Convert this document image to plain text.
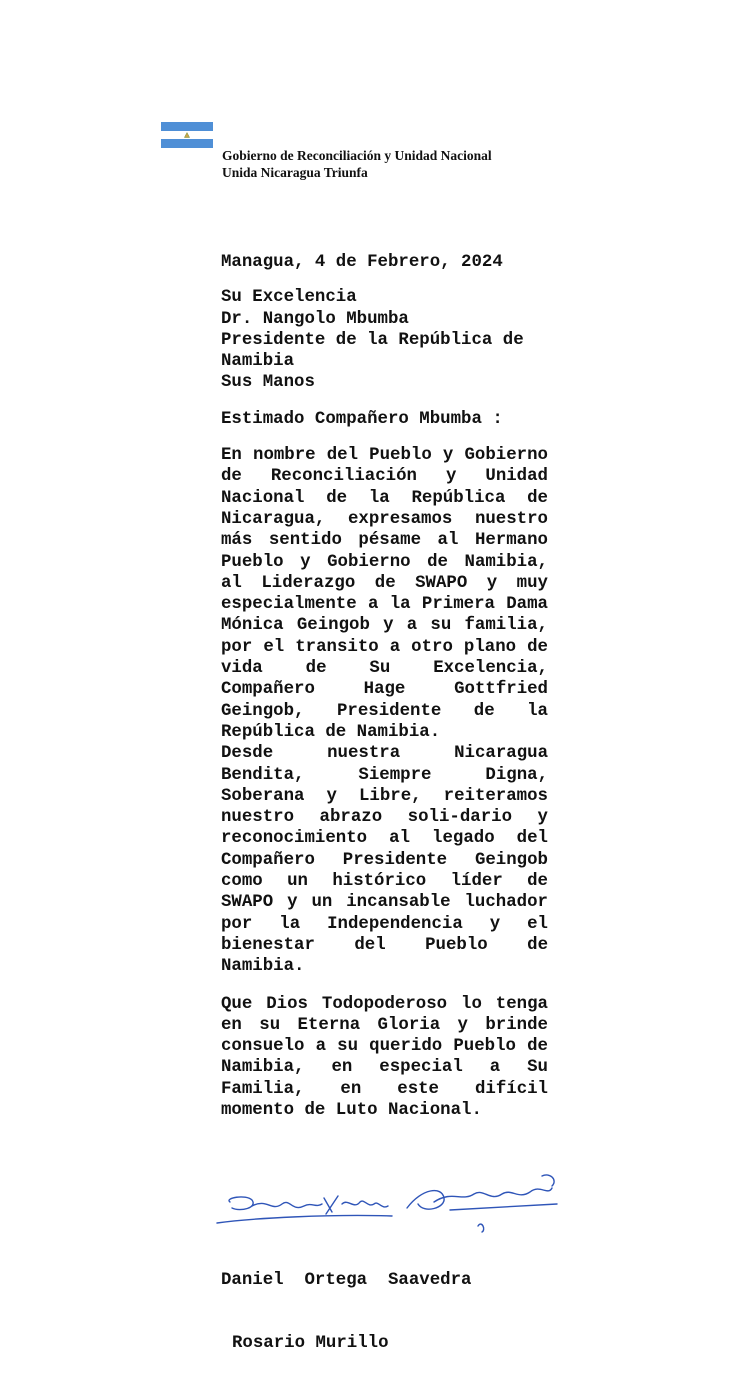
Gobierno de Reconciliación y Unidad Nacional
Unida Nicaragua Triunfa

Managua, 4 de Febrero, 2024

Su Excelencia

Dr. Nangolo Mbumba

Presidente de la República de Namibia

Sus Manos

Estimado Compañero Mbumba :

En nombre del Pueblo y Gobierno de Reconciliación y Unidad Nacional de la República de Nicaragua, expresamos nuestro más sentido pésame al Hermano Pueblo y Gobierno de Namibia, al Liderazgo de SWAPO y muy especialmente a la Primera Dama Mónica Geingob y a su familia, por el transito a otro plano de vida de Su Excelencia, Compañero Hage Gottfried Geingob, Presidente de la República de Namibia.

Desde nuestra Nicaragua Bendita, Siempre Digna, Soberana y Libre, reiteramos nuestro abrazo soli-dario y reconocimiento al legado del Compañero Presidente Geingob como un histórico líder de SWAPO y un incansable luchador por la Independencia y el bienestar del Pueblo de Namibia.

Que Dios Todopoderoso lo tenga en su Eterna Gloria y brinde consuelo a su querido Pueblo de Namibia, en especial a Su Familia, en este difícil momento de Luto Nacional.

Daniel  Ortega  Saavedra

Rosario Murillo
